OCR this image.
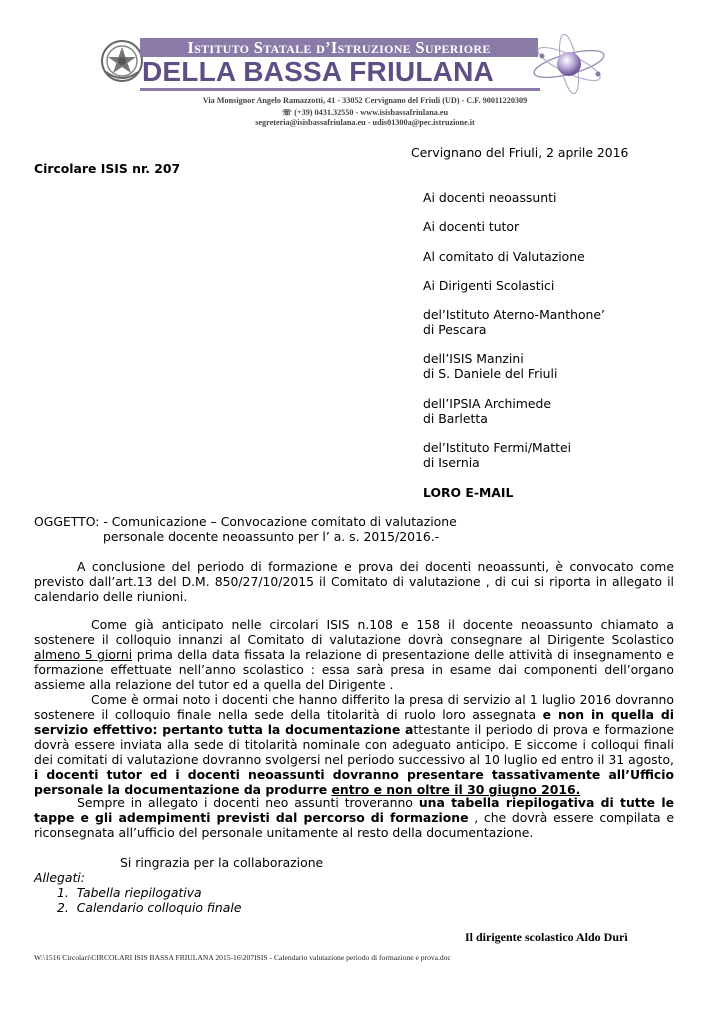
Istituto Statale d’Istruzione Superiore
DELLA BASSA FRIULANA
Via Monsignor Angelo Ramazzotti, 41 - 33052 Cervignano del Friuli (UD) - C.F. 90011220309
☏ (+39) 0431.32550 - www.isisbassafriulana.eu
segreteria@isisbassafriulana.eu - udis01300a@pec.istruzione.it
Cervignano del Friuli, 2 aprile 2016
Circolare ISIS nr. 207
Ai docenti neoassunti
Ai docenti tutor
Al comitato di Valutazione
Ai Dirigenti Scolastici
del’Istituto Aterno-Manthone’
di Pescara
dell’ISIS Manzini
di S. Daniele del Friuli
dell’IPSIA Archimede
di Barletta
del’Istituto Fermi/Mattei
di Isernia
LORO E-MAIL
OGGETTO: - Comunicazione – Convocazione comitato di valutazione
personale docente neoassunto per l’ a. s. 2015/2016.-
A conclusione del periodo di formazione e prova dei docenti neoassunti, è convocato come previsto dall’art.13 del D.M. 850/27/10/2015 il Comitato di valutazione , di cui si riporta in allegato il calendario delle riunioni.
Come già anticipato nelle circolari ISIS n.108 e 158 il docente neoassunto chiamato a sostenere il colloquio innanzi al Comitato di valutazione dovrà consegnare al Dirigente Scolastico almeno 5 giorni prima della data fissata la relazione di presentazione delle attività di insegnamento e formazione effettuate nell’anno scolastico : essa sarà presa in esame dai componenti dell’organo assieme alla relazione del tutor ed a quella del Dirigente .
Come è ormai noto i docenti che hanno differito la presa di servizio al 1 luglio 2016 dovranno sostenere il colloquio finale nella sede della titolarità di ruolo loro assegnata e non in quella di servizio effettivo: pertanto tutta la documentazione attestante il periodo di prova e formazione dovrà essere inviata alla sede di titolarità nominale con adeguato anticipo. E siccome i colloqui finali dei comitati di valutazione dovranno svolgersi nel periodo successivo al 10 luglio ed entro il 31 agosto, i docenti tutor ed i docenti neoassunti dovranno presentare tassativamente all’Ufficio personale la documentazione da produrre entro e non oltre il 30 giugno 2016.
Sempre in allegato i docenti neo assunti troveranno una tabella riepilogativa di tutte le tappe e gli adempimenti previsti dal percorso di formazione , che dovrà essere compilata e riconsegnata all’ufficio del personale unitamente al resto della documentazione.
Si ringrazia per la collaborazione
Allegati:
1.  Tabella riepilogativa
2.  Calendario colloquio finale
Il dirigente scolastico Aldo Durì
W:\1516 Circolari\CIRCOLARI ISIS BASSA FRIULANA 2015-16\207ISIS - Calendario valutazione periodo di formazione e prova.doc
